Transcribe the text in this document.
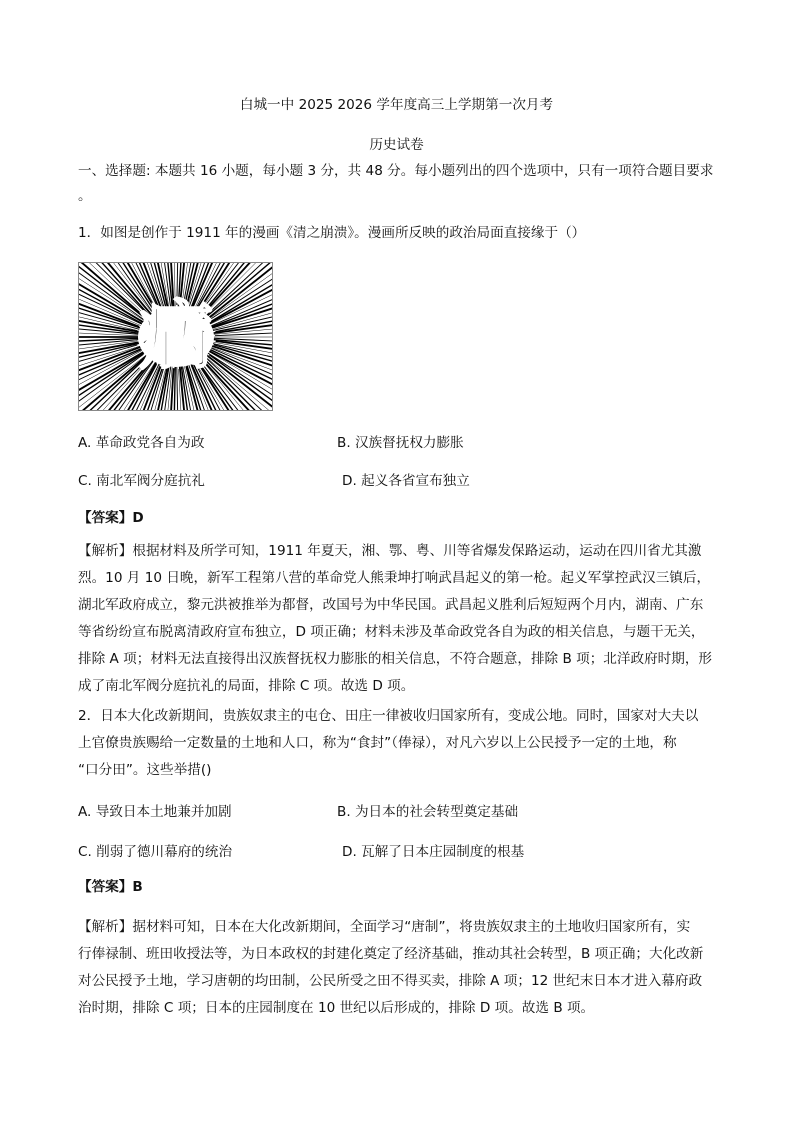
白城一中 2025 2026 学年度高三上学期第一次月考

历史试卷

一、选择题: 本题共 16 小题，每小题 3 分，共 48 分。每小题列出的四个选项中，只有一项符合题目要求

。

1．如图是创作于 1911 年的漫画《清之崩溃》。漫画所反映的政治局面直接缘于（）

病
A. 革命政党各自为政	B. 汉族督抚权力膨胀
C. 南北军阀分庭抗礼	D. 起义各省宣布独立

【答案】D

【解析】根据材料及所学可知，1911 年夏天，湘、鄂、粤、川等省爆发保路运动，运动在四川省尤其激

烈。10 月 10 日晚，新军工程第八营的革命党人熊秉坤打响武昌起义的第一枪。起义军掌控武汉三镇后，

湖北军政府成立，黎元洪被推举为都督，改国号为中华民国。武昌起义胜利后短短两个月内，湖南、广东

等省纷纷宣布脱离清政府宣布独立，D 项正确；材料未涉及革命政党各自为政的相关信息，与题干无关，

排除 A 项；材料无法直接得出汉族督抚权力膨胀的相关信息，不符合题意，排除 B 项；北洋政府时期，形

成了南北军阀分庭抗礼的局面，排除 C 项。故选 D 项。

2．日本大化改新期间，贵族奴隶主的屯仓、田庄一律被收归国家所有，变成公地。同时，国家对大夫以

上官僚贵族赐给一定数量的土地和人口，称为“食封”（俸禄），对凡六岁以上公民授予一定的土地，称

“口分田”。这些举措()

A. 导致日本土地兼并加剧	B. 为日本的社会转型奠定基础
C. 削弱了德川幕府的统治	D. 瓦解了日本庄园制度的根基

【答案】B

【解析】据材料可知，日本在大化改新期间，全面学习“唐制”，将贵族奴隶主的土地收归国家所有，实

行俸禄制、班田收授法等，为日本政权的封建化奠定了经济基础，推动其社会转型，B 项正确；大化改新

对公民授予土地，学习唐朝的均田制，公民所受之田不得买卖，排除 A 项；12 世纪末日本才进入幕府政

治时期，排除 C 项；日本的庄园制度在 10 世纪以后形成的，排除 D 项。故选 B 项。
